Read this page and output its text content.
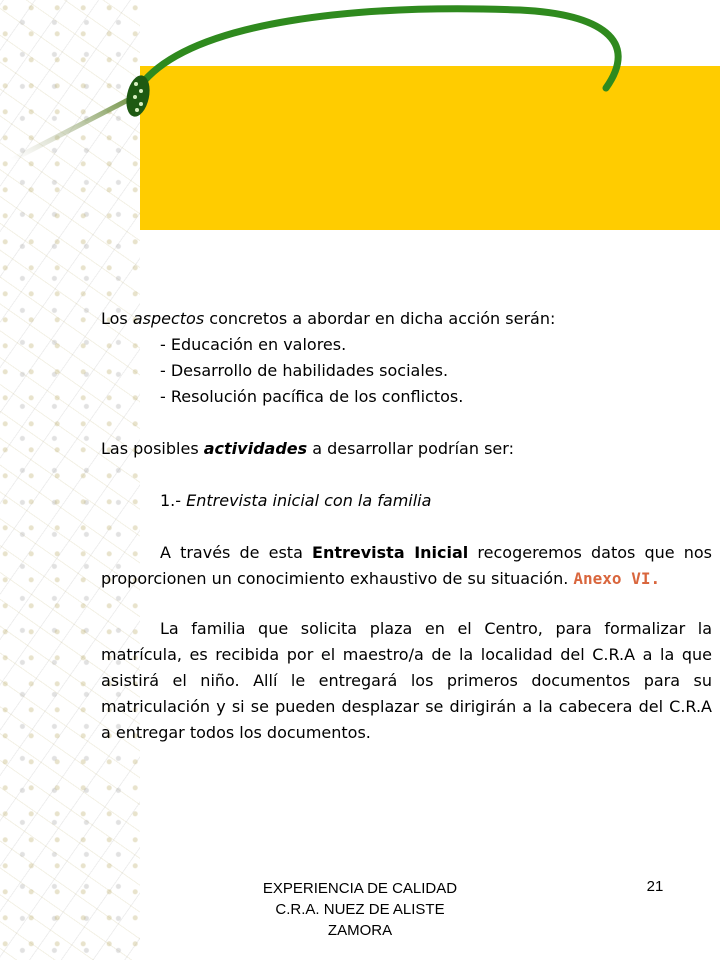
Los aspectos concretos a abordar en dicha acción serán:

- Educación en valores.

- Desarrollo de habilidades sociales.

- Resolución pacífica de los conflictos.

Las posibles actividades a desarrollar podrían ser:

1.- Entrevista inicial con la familia

A través de esta Entrevista Inicial recogeremos datos que nos proporcionen un conocimiento exhaustivo de su situación. Anexo VI.

La familia que solicita plaza en el Centro, para formalizar la matrícula, es recibida por el maestro/a de la localidad del C.R.A a la que asistirá el niño. Allí le entregará los primeros documentos para su matriculación y si se pueden desplazar se dirigirán a la cabecera del C.R.A a entregar todos los documentos.

EXPERIENCIA DE CALIDAD
C.R.A. NUEZ DE ALISTE
ZAMORA
21
